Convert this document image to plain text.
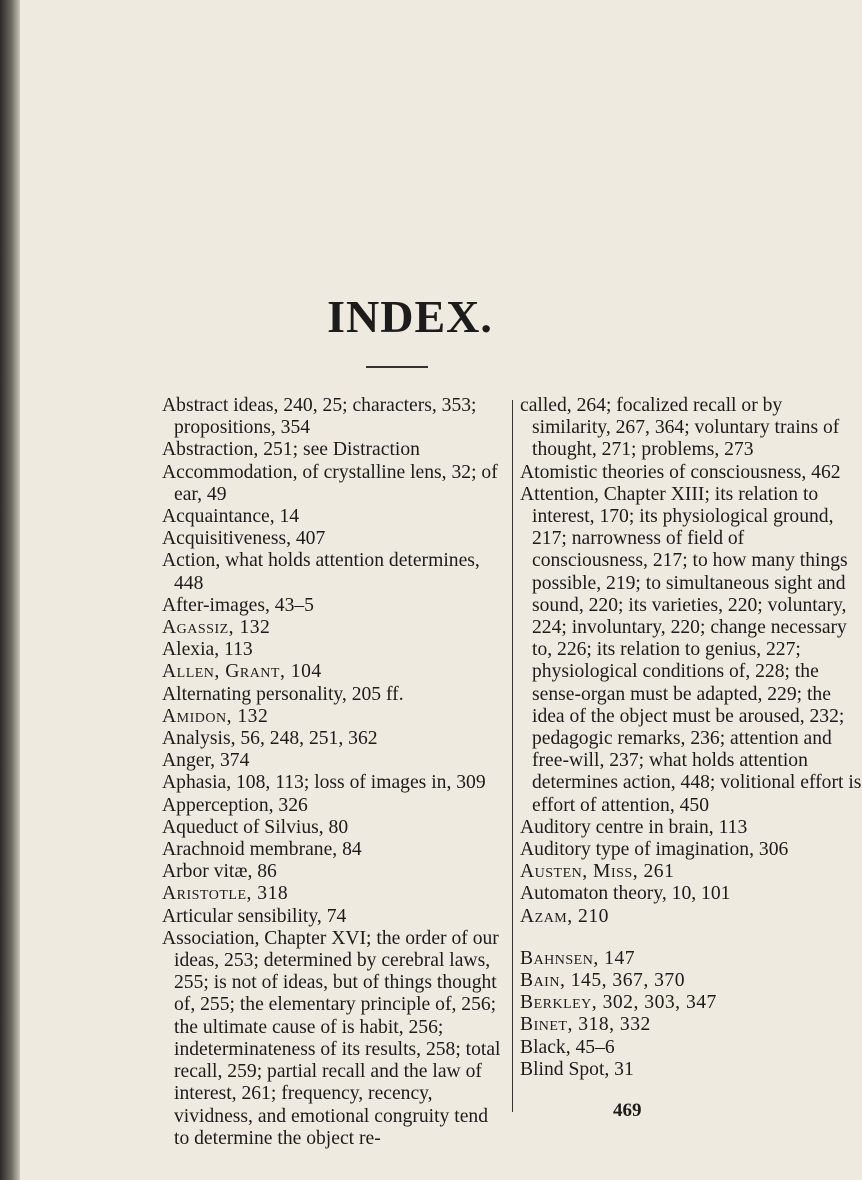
INDEX.

Abstract ideas, 240, 25; characters, 353; propositions, 354

Abstraction, 251; see Distraction

Accommodation, of crystalline lens, 32; of ear, 49

Acquaintance, 14

Acquisitiveness, 407

Action, what holds attention determines, 448

After-images, 43–5

Agassiz, 132

Alexia, 113

Allen, Grant, 104

Alternating personality, 205 ff.

Amidon, 132

Analysis, 56, 248, 251, 362

Anger, 374

Aphasia, 108, 113; loss of images in, 309

Apperception, 326

Aqueduct of Silvius, 80

Arachnoid membrane, 84

Arbor vitæ, 86

Aristotle, 318

Articular sensibility, 74

Association, Chapter XVI; the order of our ideas, 253; determined by cerebral laws, 255; is not of ideas, but of things thought of, 255; the elementary principle of, 256; the ultimate cause of is habit, 256; indeterminateness of its results, 258; total recall, 259; partial recall and the law of interest, 261; frequency, recency, vividness, and emotional congruity tend to determine the object re-

called, 264; focalized recall or by similarity, 267, 364; voluntary trains of thought, 271; problems, 273

Atomistic theories of consciousness, 462

Attention, Chapter XIII; its relation to interest, 170; its physiological ground, 217; narrowness of field of consciousness, 217; to how many things possible, 219; to simultaneous sight and sound, 220; its varieties, 220; voluntary, 224; involuntary, 220; change necessary to, 226; its relation to genius, 227; physiological conditions of, 228; the sense-organ must be adapted, 229; the idea of the object must be aroused, 232; pedagogic remarks, 236; attention and free-will, 237; what holds attention determines action, 448; volitional effort is effort of attention, 450

Auditory centre in brain, 113

Auditory type of imagination, 306

Austen, Miss, 261

Automaton theory, 10, 101

Azam, 210

Bahnsen, 147

Bain, 145, 367, 370

Berkley, 302, 303, 347

Binet, 318, 332

Black, 45–6

Blind Spot, 31

469
